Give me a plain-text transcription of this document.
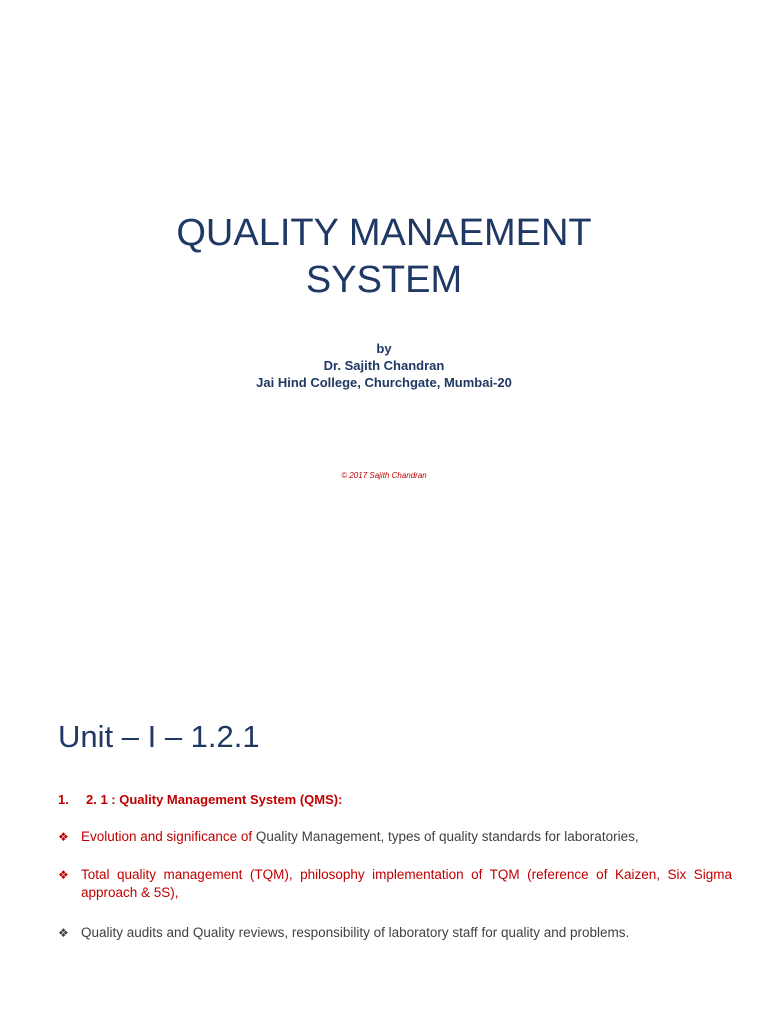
QUALITY MANAEMENT
SYSTEM
by
Dr. Sajith Chandran
Jai Hind College, Churchgate, Mumbai-20
© 2017 Sajith Chandran
Unit – I – 1.2.1
1. 2. 1 : Quality Management System (QMS):
❖ Evolution and significance of Quality Management, types of quality standards for laboratories,
❖ Total quality management (TQM), philosophy implementation of TQM (reference of Kaizen, Six Sigma approach & 5S),
❖ Quality audits and Quality reviews, responsibility of laboratory staff for quality and problems.
